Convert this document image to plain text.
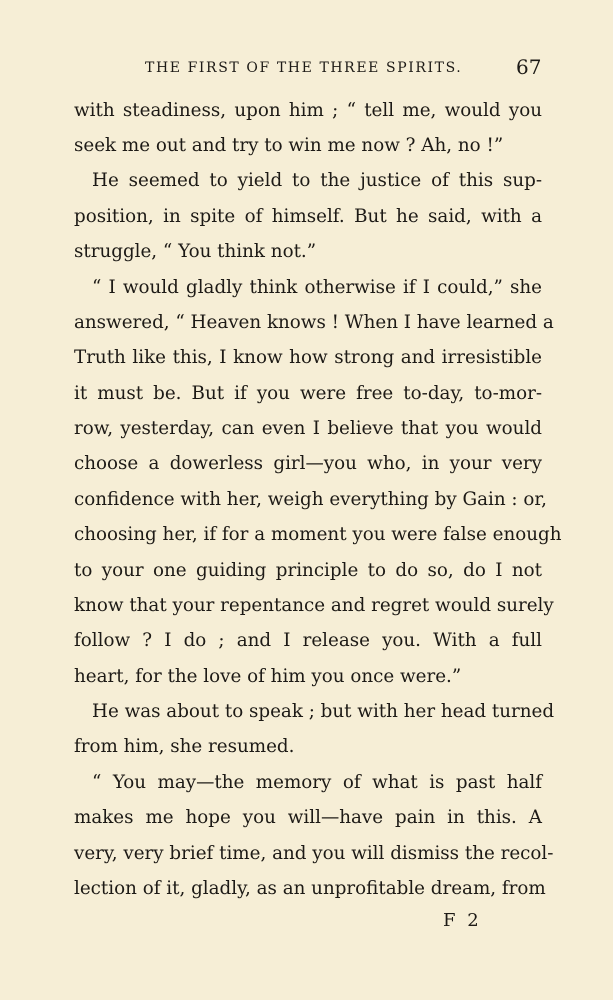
THE FIRST OF THE THREE SPIRITS.	67
with steadiness, upon him ; “ tell me, would you
seek me out and try to win me now ? Ah, no !”
He seemed to yield to the justice of this sup-
position, in spite of himself. But he said, with a
struggle, “ You think not.”
“ I would gladly think otherwise if I could,” she
answered, “ Heaven knows ! When I have learned a
Truth like this, I know how strong and irresistible
it must be. But if you were free to-day, to-mor-
row, yesterday, can even I believe that you would
choose a dowerless girl—you who, in your very
confidence with her, weigh everything by Gain : or,
choosing her, if for a moment you were false enough
to your one guiding principle to do so, do I not
know that your repentance and regret would surely
follow ? I do ; and I release you. With a full
heart, for the love of him you once were.”
He was about to speak ; but with her head turned
from him, she resumed.
“ You may—the memory of what is past half
makes me hope you will—have pain in this. A
very, very brief time, and you will dismiss the recol-
lection of it, gladly, as an unprofitable dream, from
F 2
